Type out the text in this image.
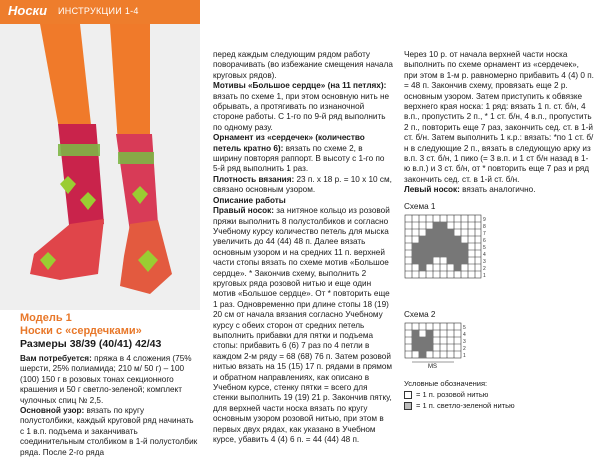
Носки ИНСТРУКЦИИ 1-4
Модель 1
Носки с «сердечками»
Размеры 38/39 (40/41) 42/43

Вам потребуется: пряжа в 4 сложения (75% шерсти, 25% полиамида; 210 м/ 50 г) – 100 (100) 150 г в розовых тонах секционного крашения и 50 г светло-зеленой; комплект чулочных спиц № 2,5.

Основной узор: вязать по кругу полустолбики, каждый круговой ряд начинать с 1 в.п. подъема и заканчивать соединительным столбиком в 1-й полустолбик ряда. После 2-го ряда

перед каждым следующим рядом работу поворачивать (во избежание смещения начала круговых рядов).

Мотивы «Большое сердце» (на 11 петлях): вязать по схеме 1, при этом основную нить не обрывать, а протягивать по изнаночной стороне работы. С 1-го по 9-й ряд выполнить по одному разу.

Орнамент из «сердечек» (количество петель кратно 6): вязать по схеме 2, в ширину повторяя раппорт. В высоту с 1-го по 5-й ряд выполнить 1 раз.

Плотность вязания: 23 п. х 18 р. = 10 х 10 см, связано основным узором.

Описание работы

Правый носок: за нитяное кольцо из розовой пряжи выполнить 8 полустолбиков и согласно Учебному курсу количество петель для мыска увеличить до 44 (44) 48 п. Далее вязать основным узором и на средних 11 п. верхней части стопы вязать по схеме мотив «Большое сердце». * Закончив схему, выполнить 2 круговых ряда розовой нитью и еще один мотив «Большое сердце». От * повторить еще 1 раз. Одновременно при длине стопы 18 (19) 20 см от начала вязания согласно Учебному курсу с обеих сторон от средних петель выполнить прибавки для пятки и подъема стопы: прибавить 6 (6) 7 раз по 4 петли в каждом 2-м ряду = 68 (68) 76 п. Затем розовой нитью вязать на 15 (15) 17 п. рядами в прямом и обратном направлениях, как описано в Учебном курсе, стенку пятки = всего для стенки выполнить 19 (19) 21 р. Закончив пятку, для верхней части носка вязать по кругу основным узором розовой нитью, при этом в первых двух рядах, как указано в Учебном курсе, убавить 4 (4) 6 п. = 44 (44) 48 п.

Через 10 р. от начала верхней части носка выполнить по схеме орнамент из «сердечек», при этом в 1-м р. равномерно прибавить 4 (4) 0 п. = 48 п. Закончив схему, провязать еще 2 р. основным узором. Затем приступить к обвязке верхнего края носка: 1 ряд: вязать 1 п. ст. б/н, 4 в.п., пропустить 2 п., * 1 ст. б/н, 4 в.п., пропустить 2 п., повторить еще 7 раз, закончить сед. ст. в 1-й ст. б/н. Затем выполнить 1 к.р.: вязать: *по 1 ст. б/н в следующие 2 п., вязать в следующую арку из в.п. 3 ст. б/н, 1 пико (= 3 в.п. и 1 ст б/н назад в 1-ю в.п.) и 3 ст. б/н, от * повторить еще 7 раз и ряд закончить сед. ст. в 1-й ст. б/н.

Левый носок: вязать аналогично.

Схема 1

9
8
7
6
5
4
3
2
1

Схема 2

5
4
3
2
1
MS
Условные обозначения:
= 1 п. розовой нитью
= 1 п. светло-зеленой нитью
